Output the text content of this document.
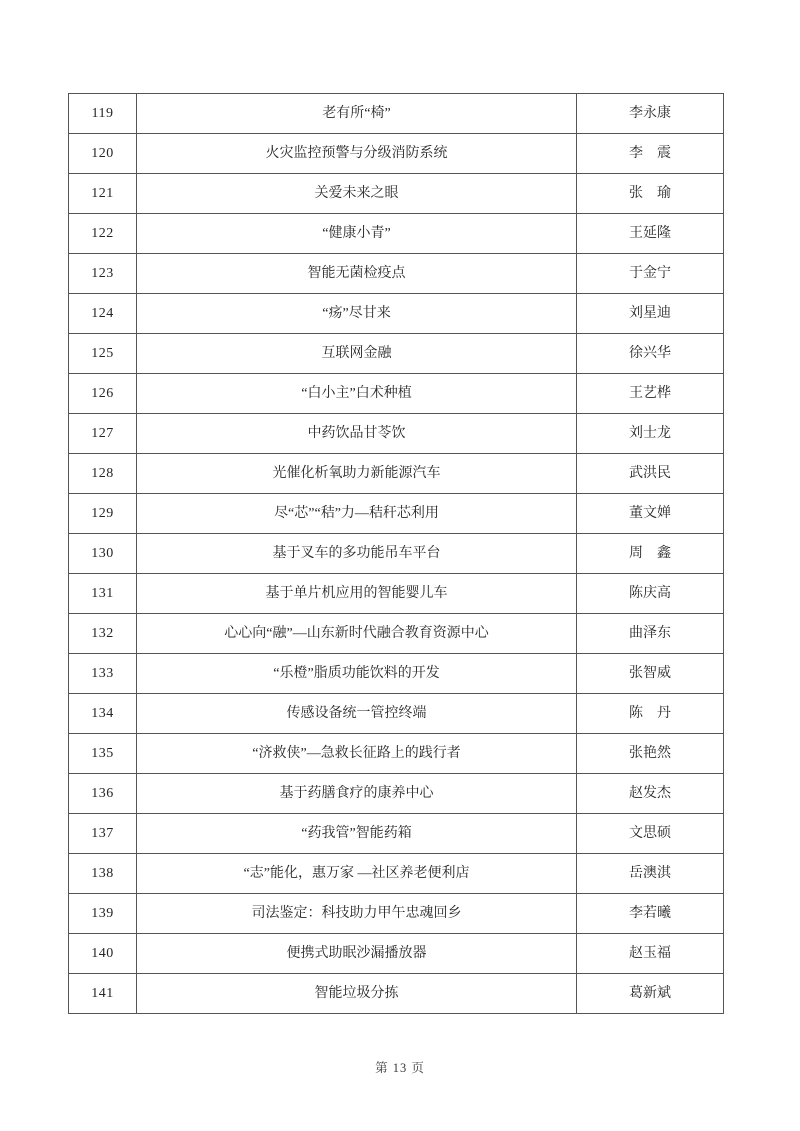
119	老有所“椅”	李永康
120	火灾监控预警与分级消防系统	李　震
121	关爱未来之眼	张　瑜
122	“健康小青”	王延隆
123	智能无菌检疫点	于金宁
124	“疡”尽甘来	刘星迪
125	互联网金融	徐兴华
126	“白小主”白术种植	王艺桦
127	中药饮品甘苓饮	刘士龙
128	光催化析氧助力新能源汽车	武洪民
129	尽“芯”“秸”力—秸秆芯利用	董文婵
130	基于叉车的多功能吊车平台	周　鑫
131	基于单片机应用的智能婴儿车	陈庆高
132	心心向“融”—山东新时代融合教育资源中心	曲泽东
133	“乐橙”脂质功能饮料的开发	张智威
134	传感设备统一管控终端	陈　丹
135	“济救侠”—急救长征路上的践行者	张艳然
136	基于药膳食疗的康养中心	赵发杰
137	“药我管”智能药箱	文思硕
138	“志”能化，惠万家 —社区养老便利店	岳澳淇
139	司法鉴定：科技助力甲午忠魂回乡	李若曦
140	便携式助眠沙漏播放器	赵玉福
141	智能垃圾分拣	葛新斌
第 13 页
